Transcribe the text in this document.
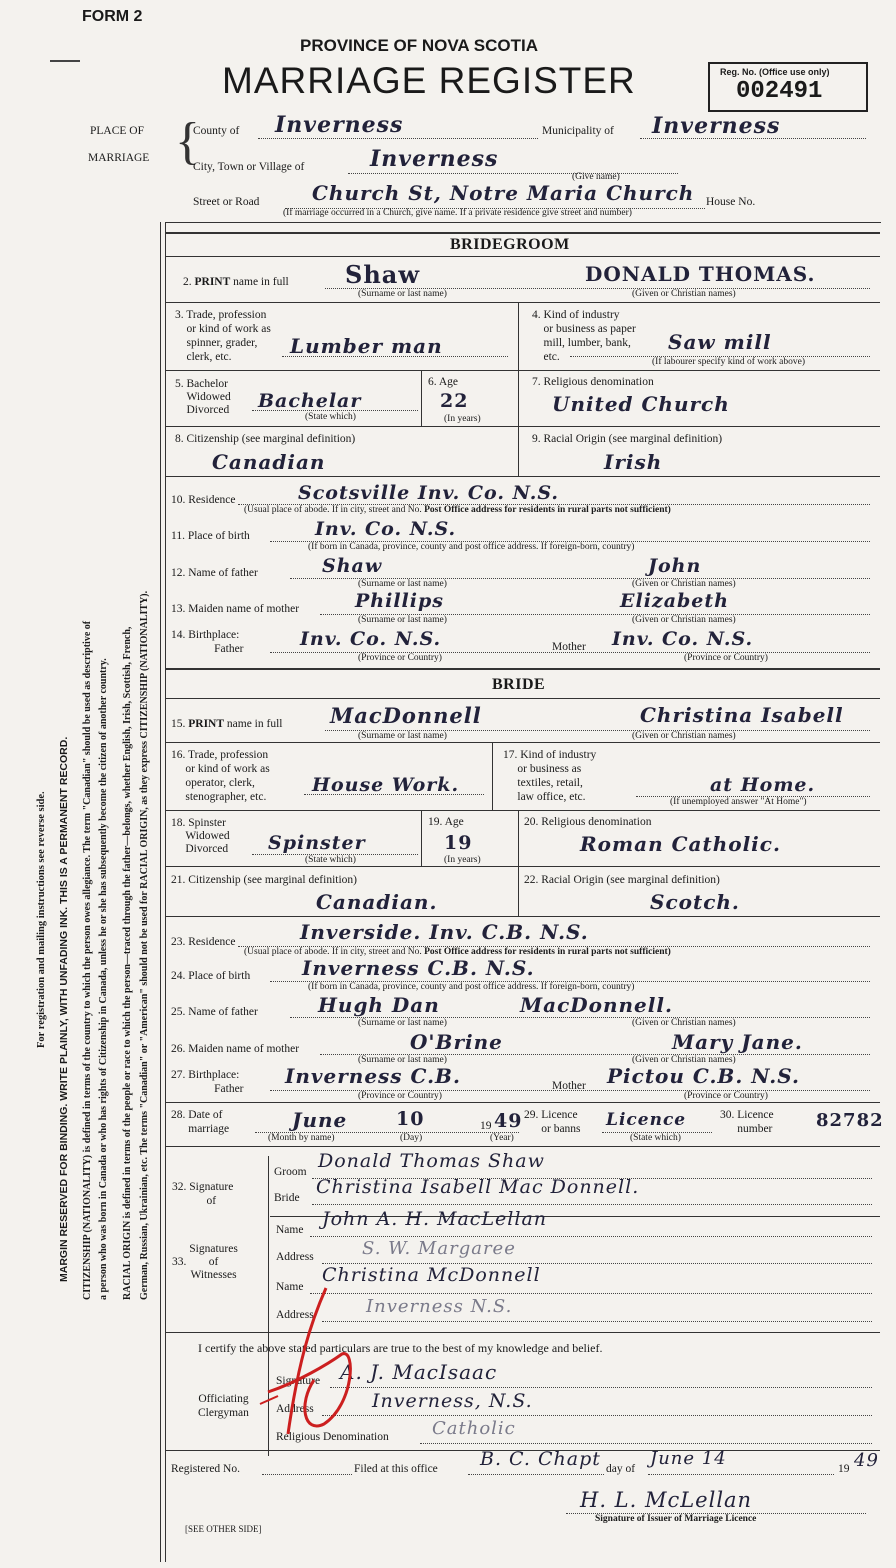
FORM 2
PROVINCE OF NOVA SCOTIA
MARRIAGE REGISTER	Reg. No. (Office use only)
002491
PLACE OF
MARRIAGE {
County of Inverness	Municipality of Inverness
City, Town or Village of	Inverness
(Give name)
Street or Road	Church St, Notre Maria Church House No.
(If marriage occurred in a Church, give name. If a private residence give street and number)
For registration and mailing instructions see reverse side. MARGIN RESERVED FOR BINDING. WRITE PLAINLY, WITH UNFADING INK. THIS IS A PERMANENT RECORD. CITIZENSHIP (NATIONALITY) is defined in terms of the country to which the person owes allegiance. The term "Canadian" should be used as descriptive of a person who was born in Canada or who has rights of Citizenship in Canada, unless he or she has subsequently become the citizen of another country. RACIAL ORIGIN is defined in terms of the people or race to which the person—traced through the father—belongs, whether English, Irish, Scottish, French, German, Russian, Ukrainian, etc. The terms "Canadian" or "American" should not be used for RACIAL ORIGIN, as they express CITIZENSHIP (NATIONALITY).
BRIDEGROOM
2. PRINT name in full Shaw	DONALD THOMAS.
(Surname or last name)	(Given or Christian names)
3. Trade, profession
or kind of work as
spinner, grader,
clerk, etc.	Lumber man
4. Kind of industry
or business as paper
mill, lumber, bank,
etc.
Saw mill
(If labourer specify kind of work above)
5. Bachelor
Widowed
Divorced Bachelar
(State which)
6. Age
22
(In years)
7. Religious denomination
United Church
8. Citizenship (see marginal definition)
Canadian
9. Racial Origin (see marginal definition)
Irish
10. Residence	Scotsville Inv. Co. N.S.
(Usual place of abode. If in city, street and No. Post Office address for residents in rural parts not sufficient)
11. Place of birth	Inv. Co. N.S.
(If born in Canada, province, county and post office address. If foreign-born, country)
12. Name of father	Shaw	John
(Surname or last name)	(Given or Christian names)
13. Maiden name of mother	Phillips	Elizabeth
(Surname or last name)	(Given or Christian names)
14. Birthplace:
Father	Inv. Co. N.S.	Mother Inv. Co. N.S.
(Province or Country)	(Province or Country)
BRIDE
15. PRINT name in full MacDonnell	Christina Isabell
(Surname or last name)	(Given or Christian names)
16. Trade, profession
or kind of work as
operator, clerk,
stenographer, etc.
House Work.
17. Kind of industry
or business as
textiles, retail,
law office, etc.
at Home.
(If unemployed answer "At Home")
18. Spinster
Widowed
Divorced Spinster
(State which)
19. Age
19
(In years)
20. Religious denomination
Roman Catholic.
21. Citizenship (see marginal definition)
Canadian.
22. Racial Origin (see marginal definition)
Scotch.
23. Residence	Inverside. Inv. C.B. N.S.
(Usual place of abode. If in city, street and No. Post Office address for residents in rural parts not sufficient)
24. Place of birth	Inverness C.B. N.S.
(If born in Canada, province, county and post office address. If foreign-born, country)
25. Name of father	Hugh Dan	MacDonnell.
(Surname or last name)	(Given or Christian names)
26. Maiden name of mother	O'Brine	Mary Jane.
(Surname or last name)	(Given or Christian names)
27. Birthplace:
Father
Inverness C.B.	Mother Pictou C.B. N.S.
(Province or Country)	(Province or Country)
28. Date of
marriage	June	10	19 49
(Month by name)	(Day)	(Year)
29. Licence
or banns Licence
(State which)
30. Licence
number 82782
32. Signature
of
Groom Donald Thomas Shaw
Bride Christina Isabell Mac Donnell.
33. Signatures
of
Witnesses
Name John A. H. MacLellan
Address	S. W. Margaree
Name
Christina McDonnell
Address	Inverness N.S.
I certify the above stated particulars are true to the best of my knowledge and belief.
Officiating
Clergyman
Signature A. J. MacIsaac
Address	Inverness, N.S.
Religious Denomination Catholic
Registered No.	Filed at this office B. C. Chapt day of June 14	19 49
H. L. McLellan
Signature of Issuer of Marriage Licence
[SEE OTHER SIDE]
